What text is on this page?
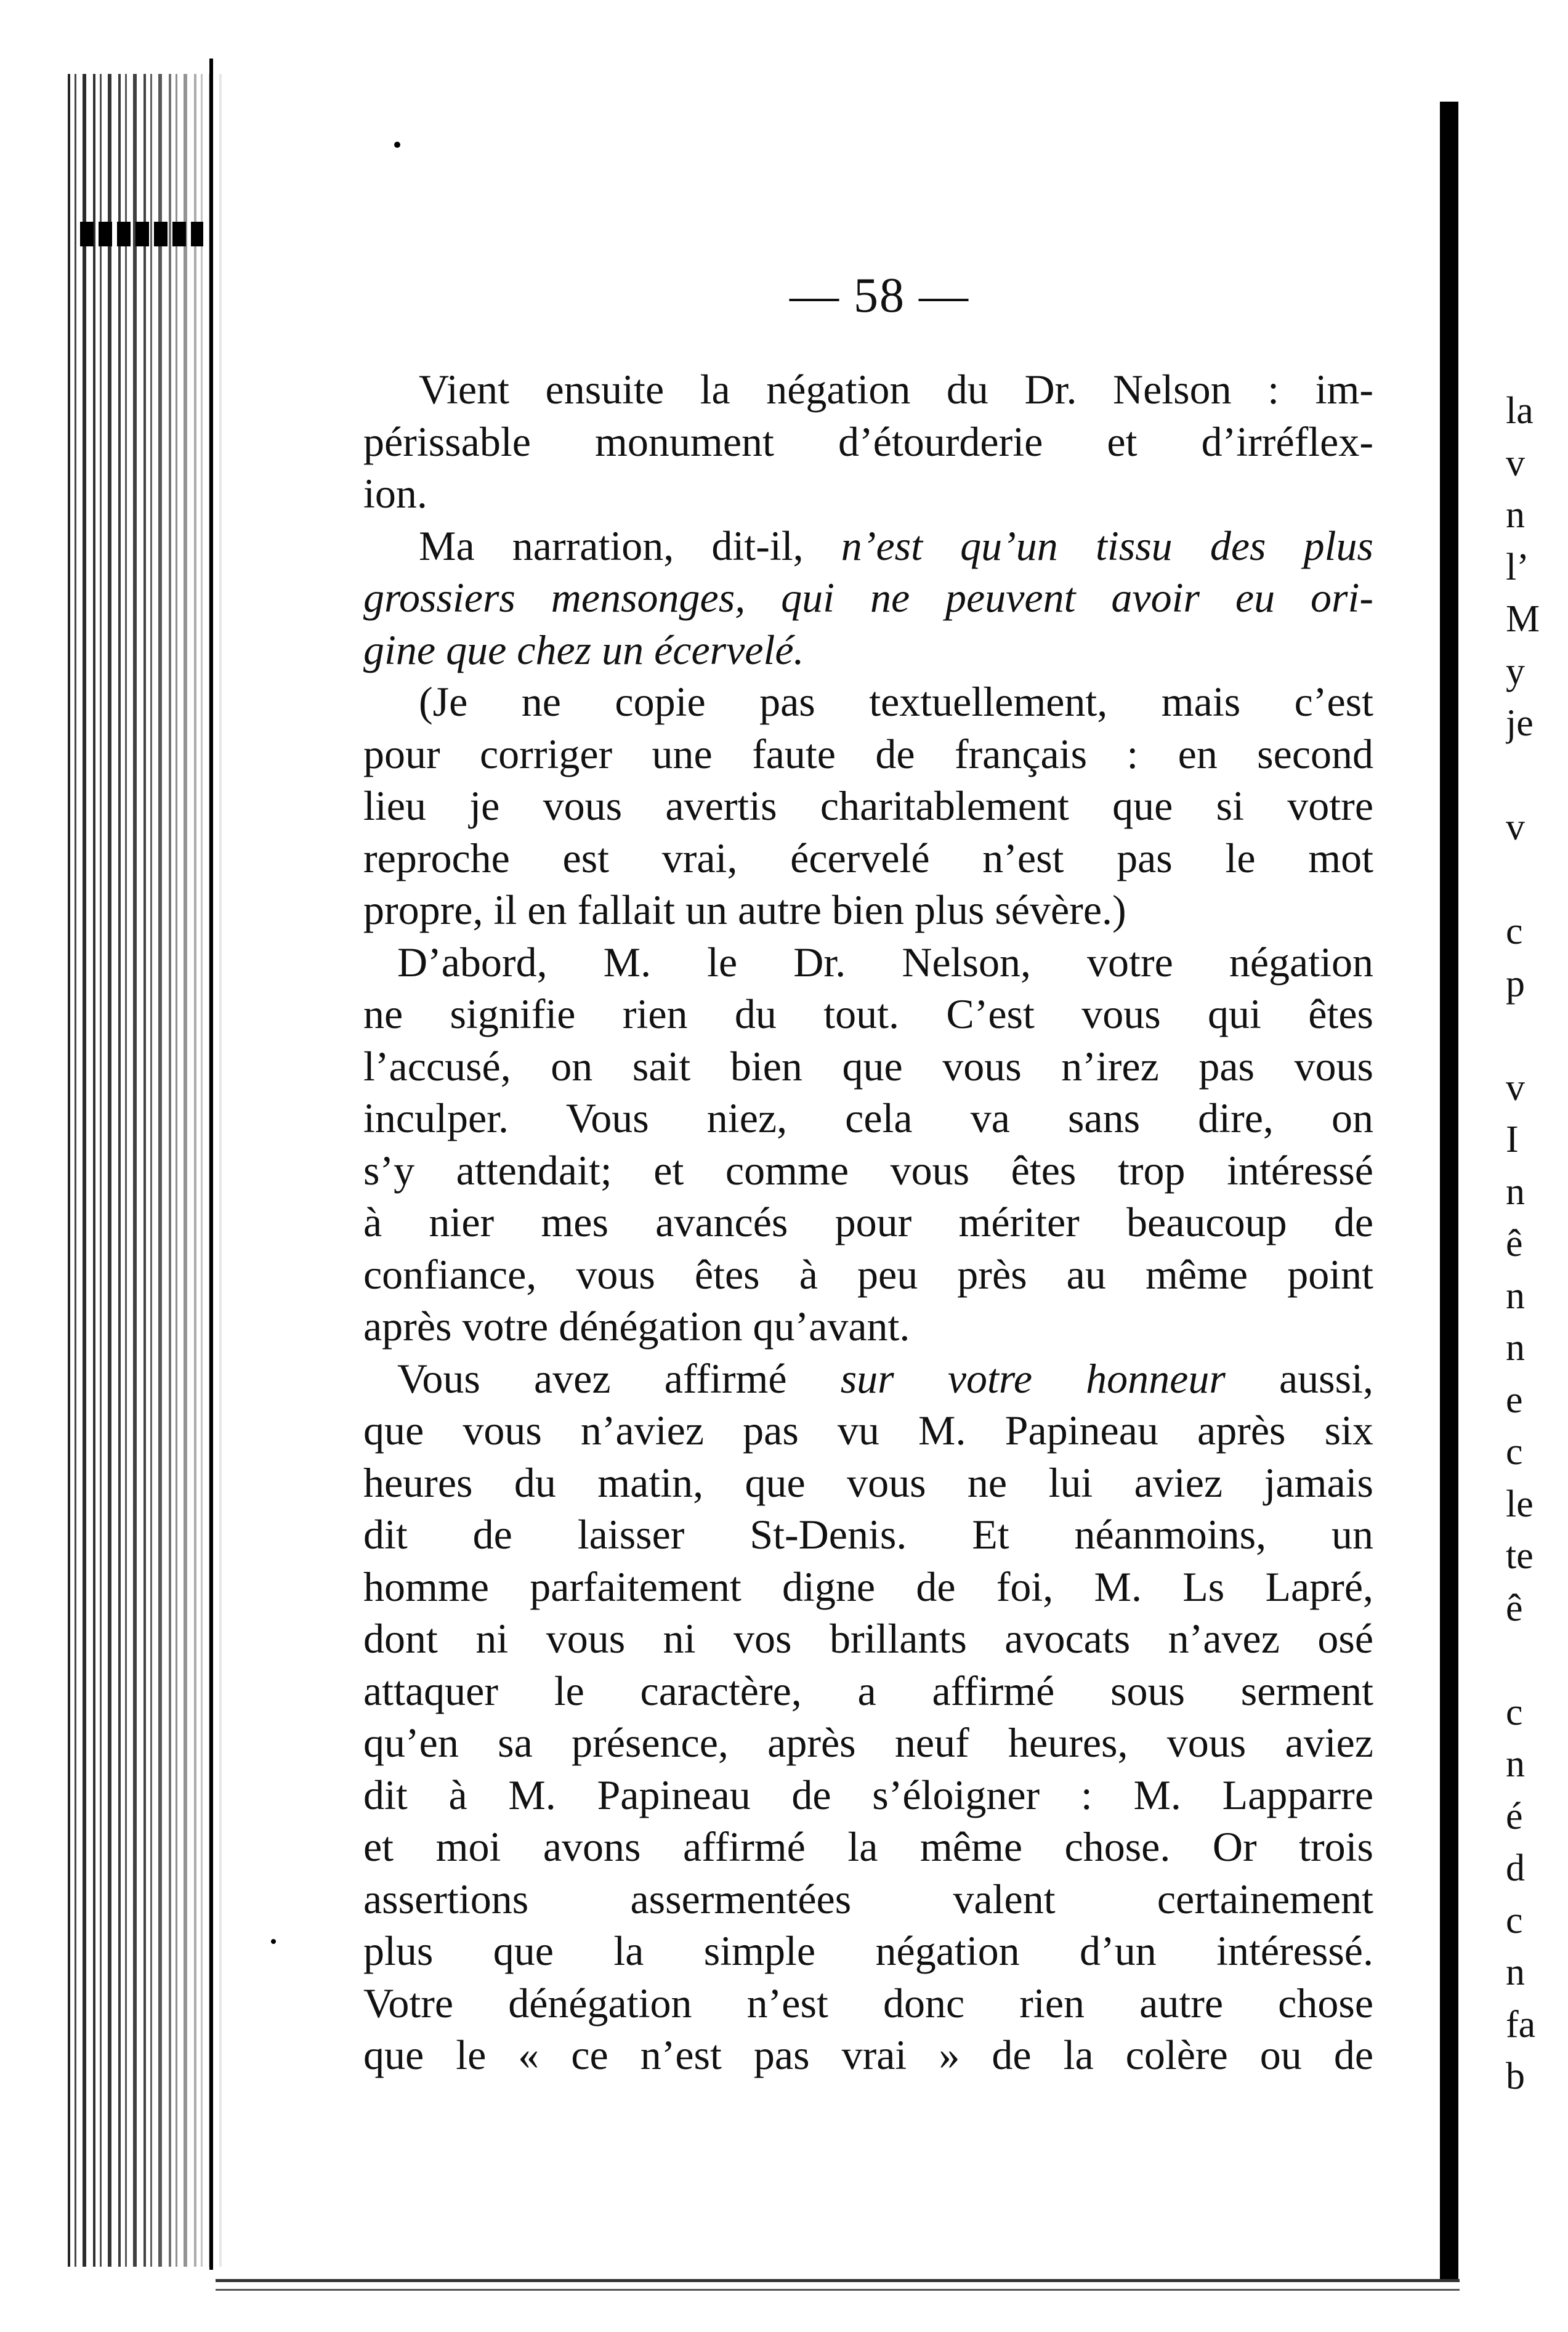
— 58 —
Vient ensuite la négation du Dr. Nelson : im-
périssable monument d’étourderie et d’irréflex-
ion.
Ma narration, dit-il, n’est qu’un tissu des plus
grossiers mensonges, qui ne peuvent avoir eu ori-
gine que chez un écervelé.
(Je ne copie pas textuellement, mais c’est
pour corriger une faute de français : en second
lieu je vous avertis charitablement que si votre
reproche est vrai, écervelé n’est pas le mot
propre, il en fallait un autre bien plus sévère.)
D’abord, M. le Dr. Nelson, votre négation
ne signifie rien du tout. C’est vous qui êtes
l’accusé, on sait bien que vous n’irez pas vous
inculper. Vous niez, cela va sans dire, on
s’y attendait; et comme vous êtes trop intéressé
à nier mes avancés pour mériter beaucoup de
confiance, vous êtes à peu près au même point
après votre dénégation qu’avant.
Vous avez affirmé sur votre honneur aussi,
que vous n’aviez pas vu M. Papineau après six
heures du matin, que vous ne lui aviez jamais
dit de laisser St-Denis. Et néanmoins, un
homme parfaitement digne de foi, M. Ls Lapré,
dont ni vous ni vos brillants avocats n’avez osé
attaquer le caractère, a affirmé sous serment
qu’en sa présence, après neuf heures, vous aviez
dit à M. Papineau de s’éloigner : M. Lapparre
et moi avons affirmé la même chose. Or trois
assertions assermentées valent certainement
plus que la simple négation d’un intéressé.
Votre dénégation n’est donc rien autre chose
que le « ce n’est pas vrai » de la colère ou de
la
v
n
l’
M
y
je
v
c
p
v
I
n
ê
n
n
e
c
le
te
ê
c
n
é
d
c
n
fa
b
